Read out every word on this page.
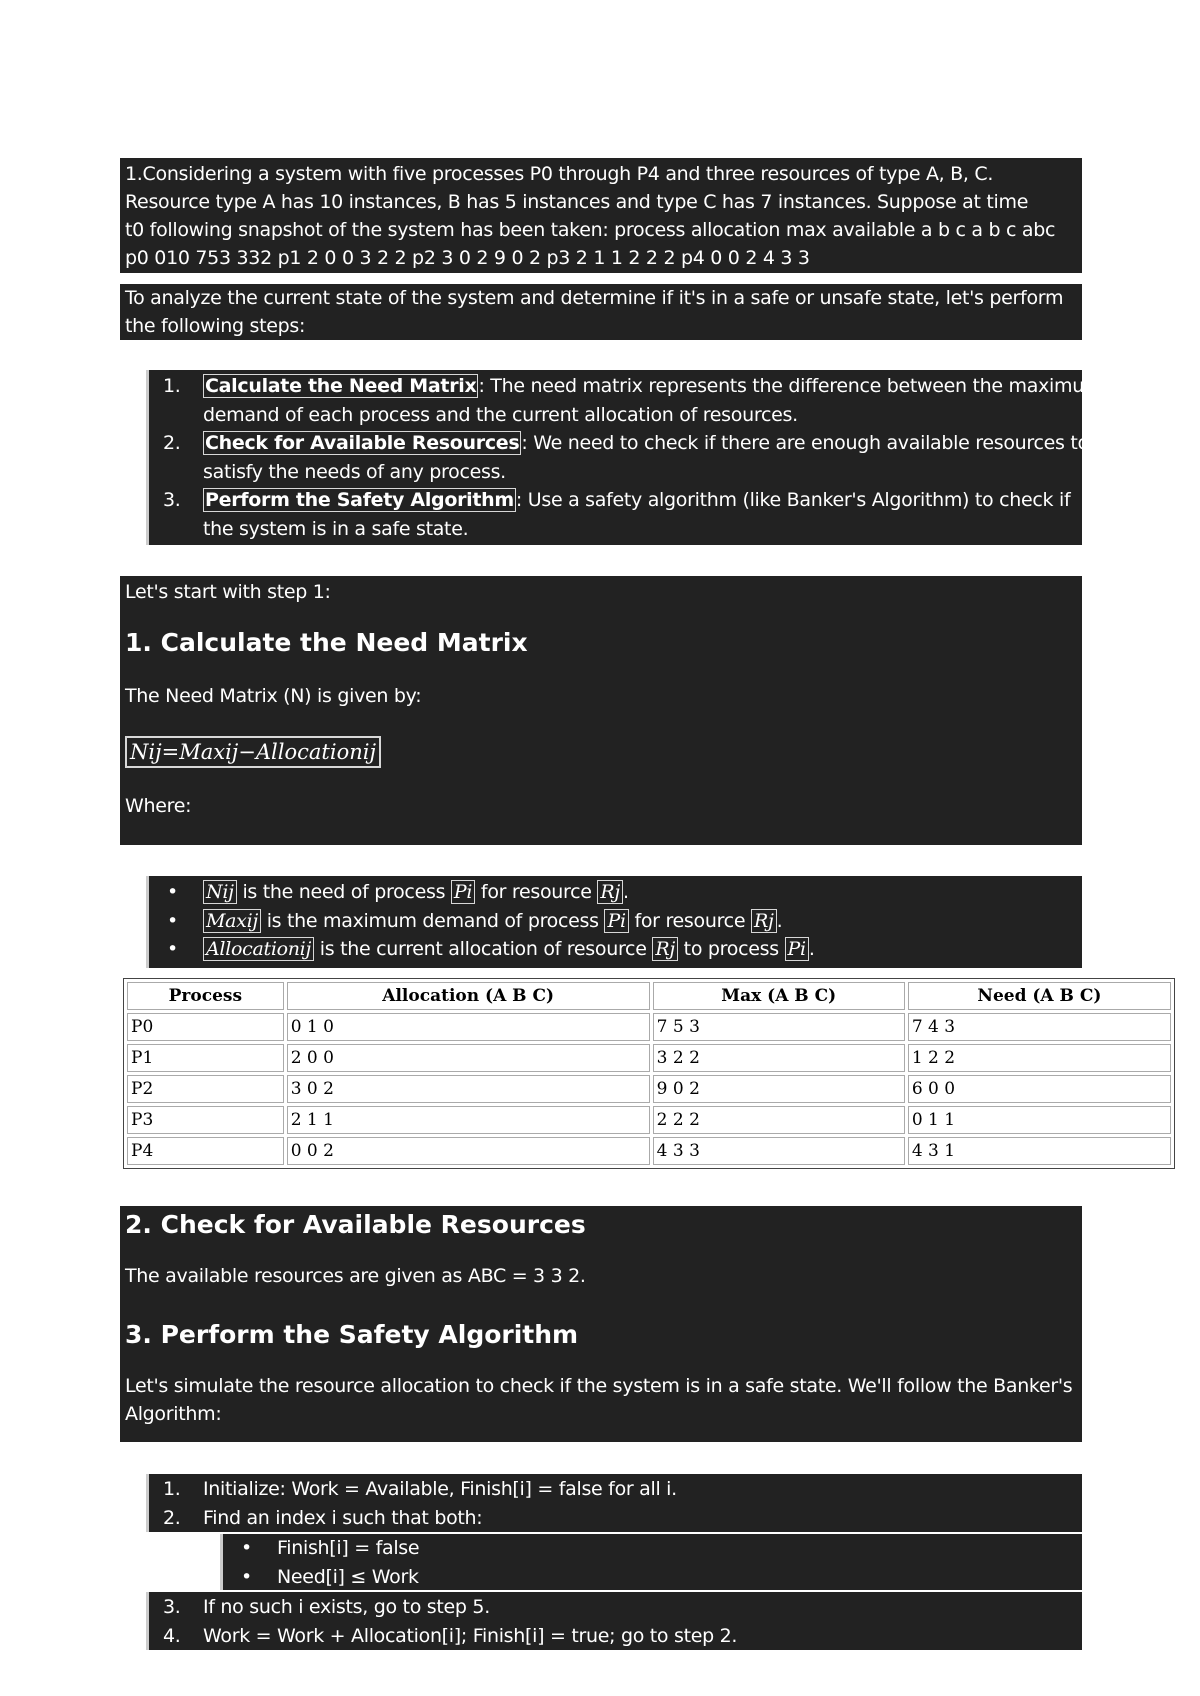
1.Considering a system with five processes P0 through P4 and three resources of type A, B, C.

Resource type A has 10 instances, B has 5 instances and type C has 7 instances. Suppose at time

t0 following snapshot of the system has been taken: process allocation max available a b c a b c abc

p0 010 753 332 p1 2 0 0 3 2 2 p2 3 0 2 9 0 2 p3 2 1 1 2 2 2 p4 0 0 2 4 3 3

To analyze the current state of the system and determine if it's in a safe or unsafe state, let's perform

the following steps:

1. Calculate the Need Matrix : The need matrix represents the difference between the maximum
demand of each process and the current allocation of resources.
2. Check for Available Resources : We need to check if there are enough available resources to
satisfy the needs of any process.
3. Perform the Safety Algorithm : Use a safety algorithm (like Banker's Algorithm) to check if
the system is in a safe state.

Let's start with step 1:

1. Calculate the Need Matrix

The Need Matrix (N) is given by:

Nij=Maxij−Allocationij

Where:

• Nij is the need of process Pi for resource Rj .
• Maxij is the maximum demand of process Pi for resource Rj .
• Allocationij is the current allocation of resource Rj to process Pi .
Process	Allocation (A B C)	Max (A B C)	Need (A B C)
P0	0 1 0	7 5 3	7 4 3
P1	2 0 0	3 2 2	1 2 2
P2	3 0 2	9 0 2	6 0 0
P3	2 1 1	2 2 2	0 1 1
P4	0 0 2	4 3 3	4 3 1
2. Check for Available Resources

The available resources are given as ABC = 3 3 2.

3. Perform the Safety Algorithm

Let's simulate the resource allocation to check if the system is in a safe state. We'll follow the Banker's

Algorithm:

1. Initialize: Work = Available, Finish[i] = false for all i.
2. Find an index i such that both:
• Finish[i] = false
• Need[i] ≤ Work
3. If no such i exists, go to step 5.
4. Work = Work + Allocation[i]; Finish[i] = true; go to step 2.
